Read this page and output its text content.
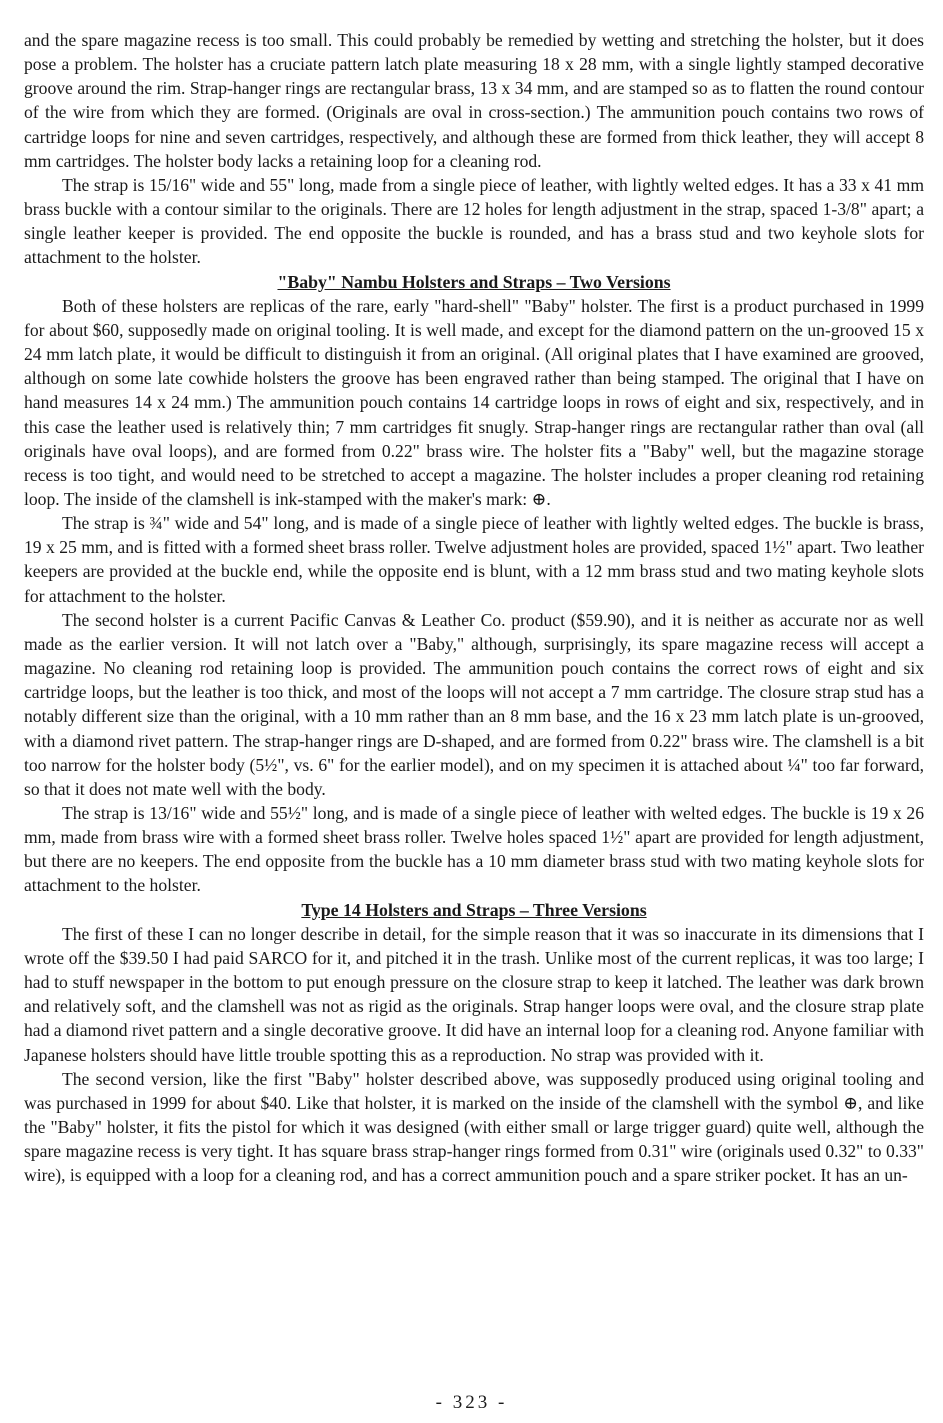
and the spare magazine recess is too small. This could probably be remedied by wetting and stretching the holster, but it does pose a problem. The holster has a cruciate pattern latch plate measuring 18 x 28 mm, with a single lightly stamped decorative groove around the rim. Strap-hanger rings are rectangular brass, 13 x 34 mm, and are stamped so as to flatten the round contour of the wire from which they are formed. (Originals are oval in cross-section.) The ammunition pouch contains two rows of cartridge loops for nine and seven cartridges, respectively, and although these are formed from thick leather, they will accept 8 mm cartridges. The holster body lacks a retaining loop for a cleaning rod.

The strap is 15/16" wide and 55" long, made from a single piece of leather, with lightly welted edges. It has a 33 x 41 mm brass buckle with a contour similar to the originals. There are 12 holes for length adjustment in the strap, spaced 1-3/8" apart; a single leather keeper is provided. The end opposite the buckle is rounded, and has a brass stud and two keyhole slots for attachment to the holster.

"Baby" Nambu Holsters and Straps – Two Versions

Both of these holsters are replicas of the rare, early "hard-shell" "Baby" holster. The first is a product purchased in 1999 for about $60, supposedly made on original tooling. It is well made, and except for the diamond pattern on the un-grooved 15 x 24 mm latch plate, it would be difficult to distinguish it from an original. (All original plates that I have examined are grooved, although on some late cowhide holsters the groove has been engraved rather than being stamped. The original that I have on hand measures 14 x 24 mm.) The ammunition pouch contains 14 cartridge loops in rows of eight and six, respectively, and in this case the leather used is relatively thin; 7 mm cartridges fit snugly. Strap-hanger rings are rectangular rather than oval (all originals have oval loops), and are formed from 0.22" brass wire. The holster fits a "Baby" well, but the magazine storage recess is too tight, and would need to be stretched to accept a magazine. The holster includes a proper cleaning rod retaining loop. The inside of the clamshell is ink-stamped with the maker's mark: ⊕.

The strap is ¾" wide and 54" long, and is made of a single piece of leather with lightly welted edges. The buckle is brass, 19 x 25 mm, and is fitted with a formed sheet brass roller. Twelve adjustment holes are provided, spaced 1½" apart. Two leather keepers are provided at the buckle end, while the opposite end is blunt, with a 12 mm brass stud and two mating keyhole slots for attachment to the holster.

The second holster is a current Pacific Canvas & Leather Co. product ($59.90), and it is neither as accurate nor as well made as the earlier version. It will not latch over a "Baby," although, surprisingly, its spare magazine recess will accept a magazine. No cleaning rod retaining loop is provided. The ammunition pouch contains the correct rows of eight and six cartridge loops, but the leather is too thick, and most of the loops will not accept a 7 mm cartridge. The closure strap stud has a notably different size than the original, with a 10 mm rather than an 8 mm base, and the 16 x 23 mm latch plate is un-grooved, with a diamond rivet pattern. The strap-hanger rings are D-shaped, and are formed from 0.22" brass wire. The clamshell is a bit too narrow for the holster body (5½", vs. 6" for the earlier model), and on my specimen it is attached about ¼" too far forward, so that it does not mate well with the body.

The strap is 13/16" wide and 55½" long, and is made of a single piece of leather with welted edges. The buckle is 19 x 26 mm, made from brass wire with a formed sheet brass roller. Twelve holes spaced 1½" apart are provided for length adjustment, but there are no keepers. The end opposite from the buckle has a 10 mm diameter brass stud with two mating keyhole slots for attachment to the holster.

Type 14 Holsters and Straps – Three Versions

The first of these I can no longer describe in detail, for the simple reason that it was so inaccurate in its dimensions that I wrote off the $39.50 I had paid SARCO for it, and pitched it in the trash. Unlike most of the current replicas, it was too large; I had to stuff newspaper in the bottom to put enough pressure on the closure strap to keep it latched. The leather was dark brown and relatively soft, and the clamshell was not as rigid as the originals. Strap hanger loops were oval, and the closure strap plate had a diamond rivet pattern and a single decorative groove. It did have an internal loop for a cleaning rod. Anyone familiar with Japanese holsters should have little trouble spotting this as a reproduction. No strap was provided with it.

The second version, like the first "Baby" holster described above, was supposedly produced using original tooling and was purchased in 1999 for about $40. Like that holster, it is marked on the inside of the clamshell with the symbol ⊕, and like the "Baby" holster, it fits the pistol for which it was designed (with either small or large trigger guard) quite well, although the spare magazine recess is very tight. It has square brass strap-hanger rings formed from 0.31" wire (originals used 0.32" to 0.33" wire), is equipped with a loop for a cleaning rod, and has a correct ammunition pouch and a spare striker pocket. It has an un-

- 323 -
